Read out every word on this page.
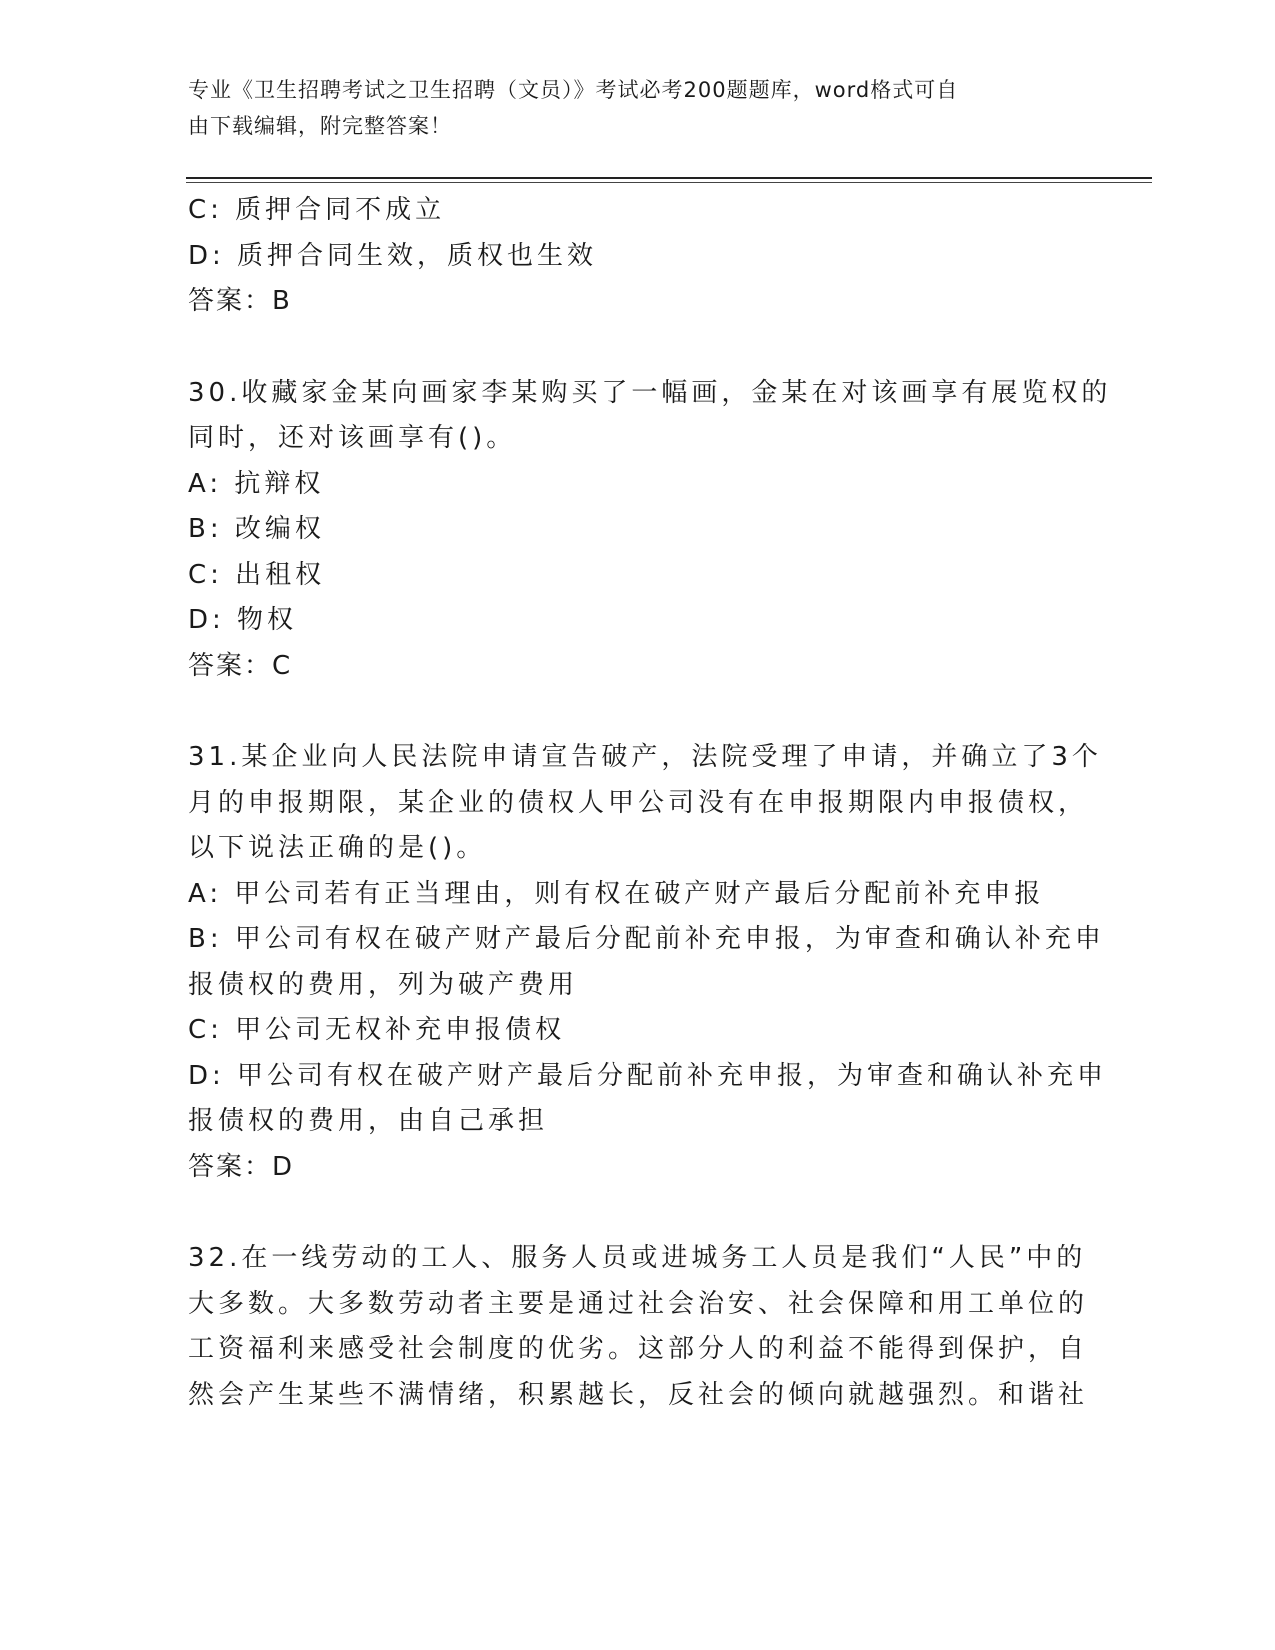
专业《卫生招聘考试之卫生招聘（文员）》考试必考200题题库，word格式可自
由下载编辑，附完整答案！
C: 质押合同不成立
D: 质押合同生效，质权也生效
答案：B
30.收藏家金某向画家李某购买了一幅画，金某在对该画享有展览权的
同时，还对该画享有()。
A: 抗辩权
B: 改编权
C: 出租权
D: 物权
答案：C
31.某企业向人民法院申请宣告破产，法院受理了申请，并确立了3个
月的申报期限，某企业的债权人甲公司没有在申报期限内申报债权，
以下说法正确的是()。
A: 甲公司若有正当理由，则有权在破产财产最后分配前补充申报
B: 甲公司有权在破产财产最后分配前补充申报，为审查和确认补充申
报债权的费用，列为破产费用
C: 甲公司无权补充申报债权
D: 甲公司有权在破产财产最后分配前补充申报，为审查和确认补充申
报债权的费用，由自己承担
答案：D
32.在一线劳动的工人、服务人员或进城务工人员是我们“人民”中的
大多数。大多数劳动者主要是通过社会治安、社会保障和用工单位的
工资福利来感受社会制度的优劣。这部分人的利益不能得到保护，自
然会产生某些不满情绪，积累越长，反社会的倾向就越强烈。和谐社
